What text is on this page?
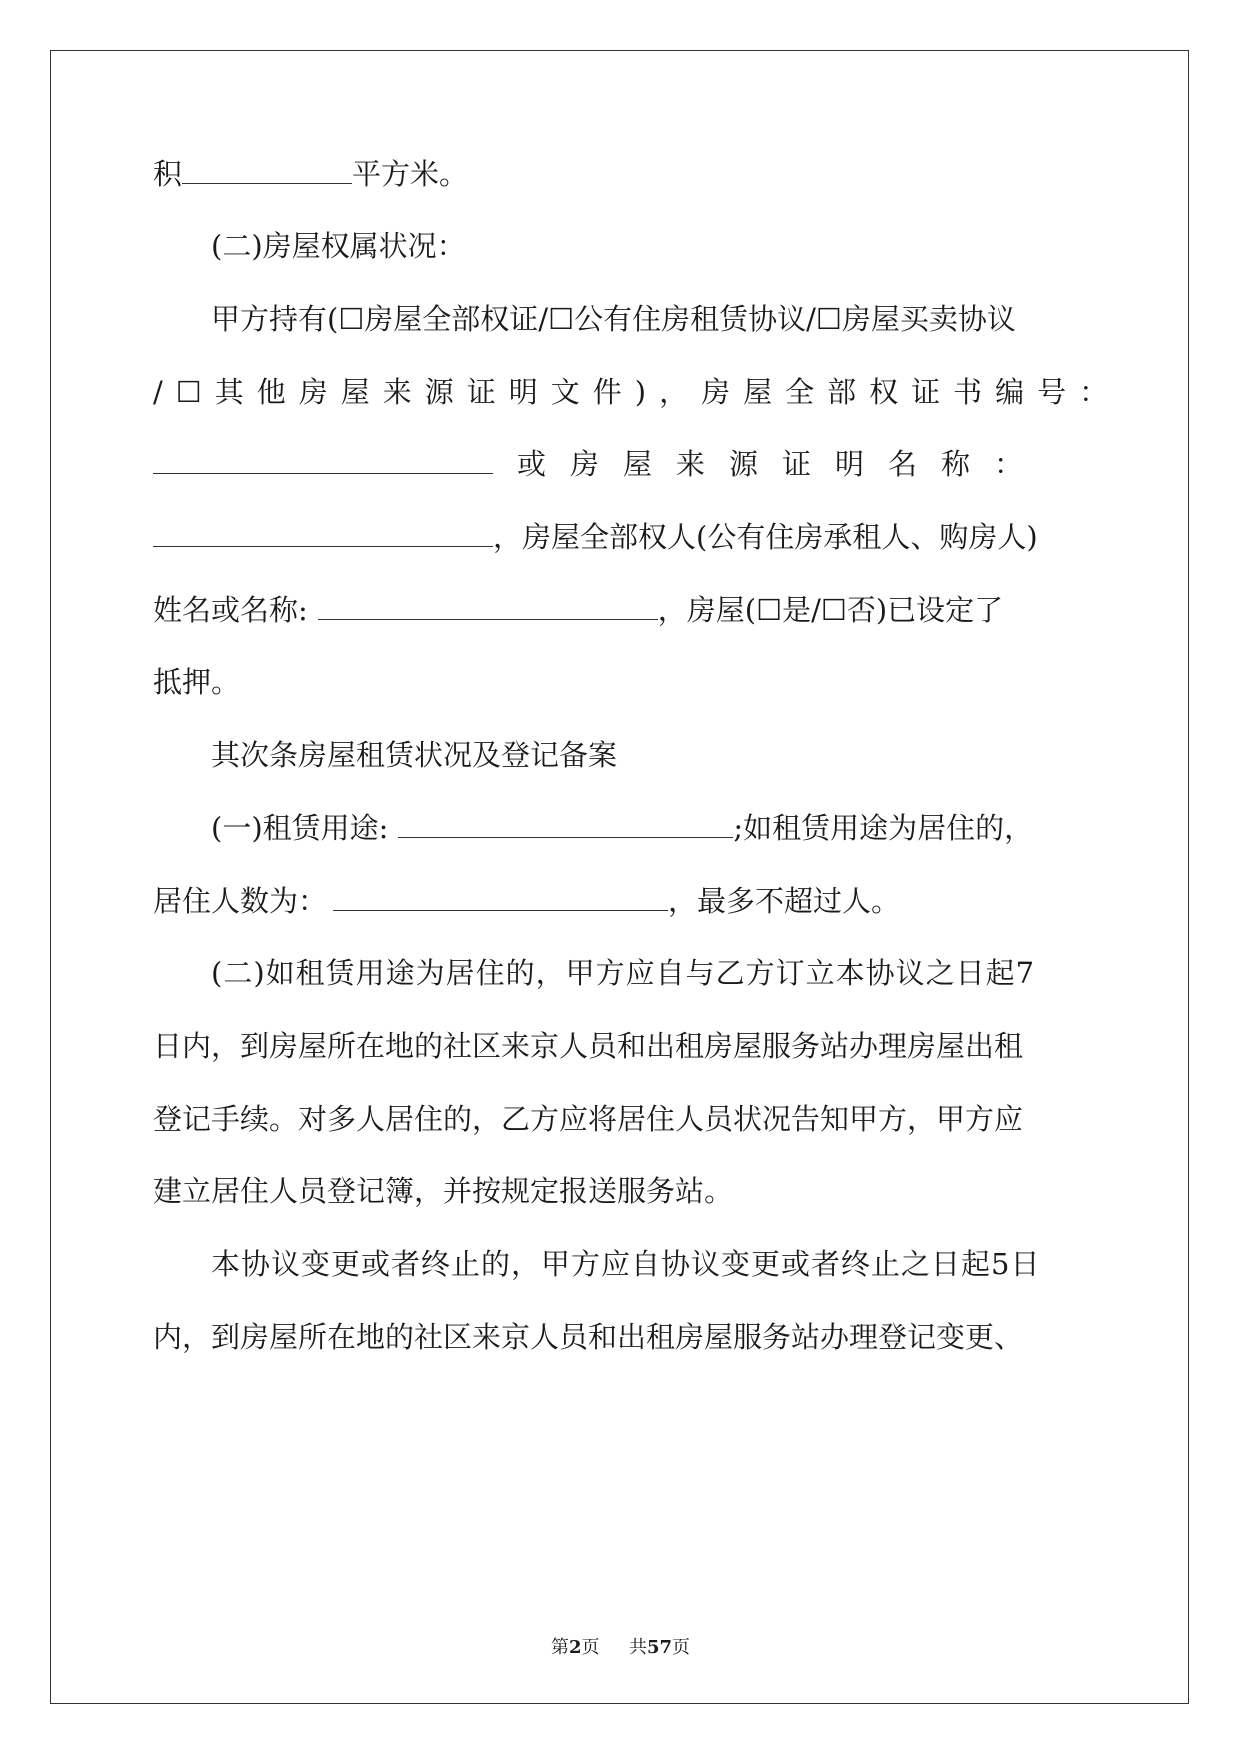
积	平方米。
(二)房屋权属状况：
甲方持有(☐房屋全部权证/☐公有住房租赁协议/☐房屋买卖协议
/☐其他房屋来源证明文件)，房屋全部权证书编号：
或房屋来源证明名称：
，房屋全部权人(公有住房承租人、购房人)
姓名或名称:	，房屋(☐是/☐否)已设定了
抵押。
其次条房屋租赁状况及登记备案
(一)租赁用途:	;如租赁用途为居住的，
居住人数为：	，最多不超过人。
(二)如租赁用途为居住的，甲方应自与乙方订立本协议之日起7
日内，到房屋所在地的社区来京人员和出租房屋服务站办理房屋出租
登记手续。对多人居住的，乙方应将居住人员状况告知甲方，甲方应
建立居住人员登记簿，并按规定报送服务站。
本协议变更或者终止的，甲方应自协议变更或者终止之日起5日
内，到房屋所在地的社区来京人员和出租房屋服务站办理登记变更、
第2页 共57页
